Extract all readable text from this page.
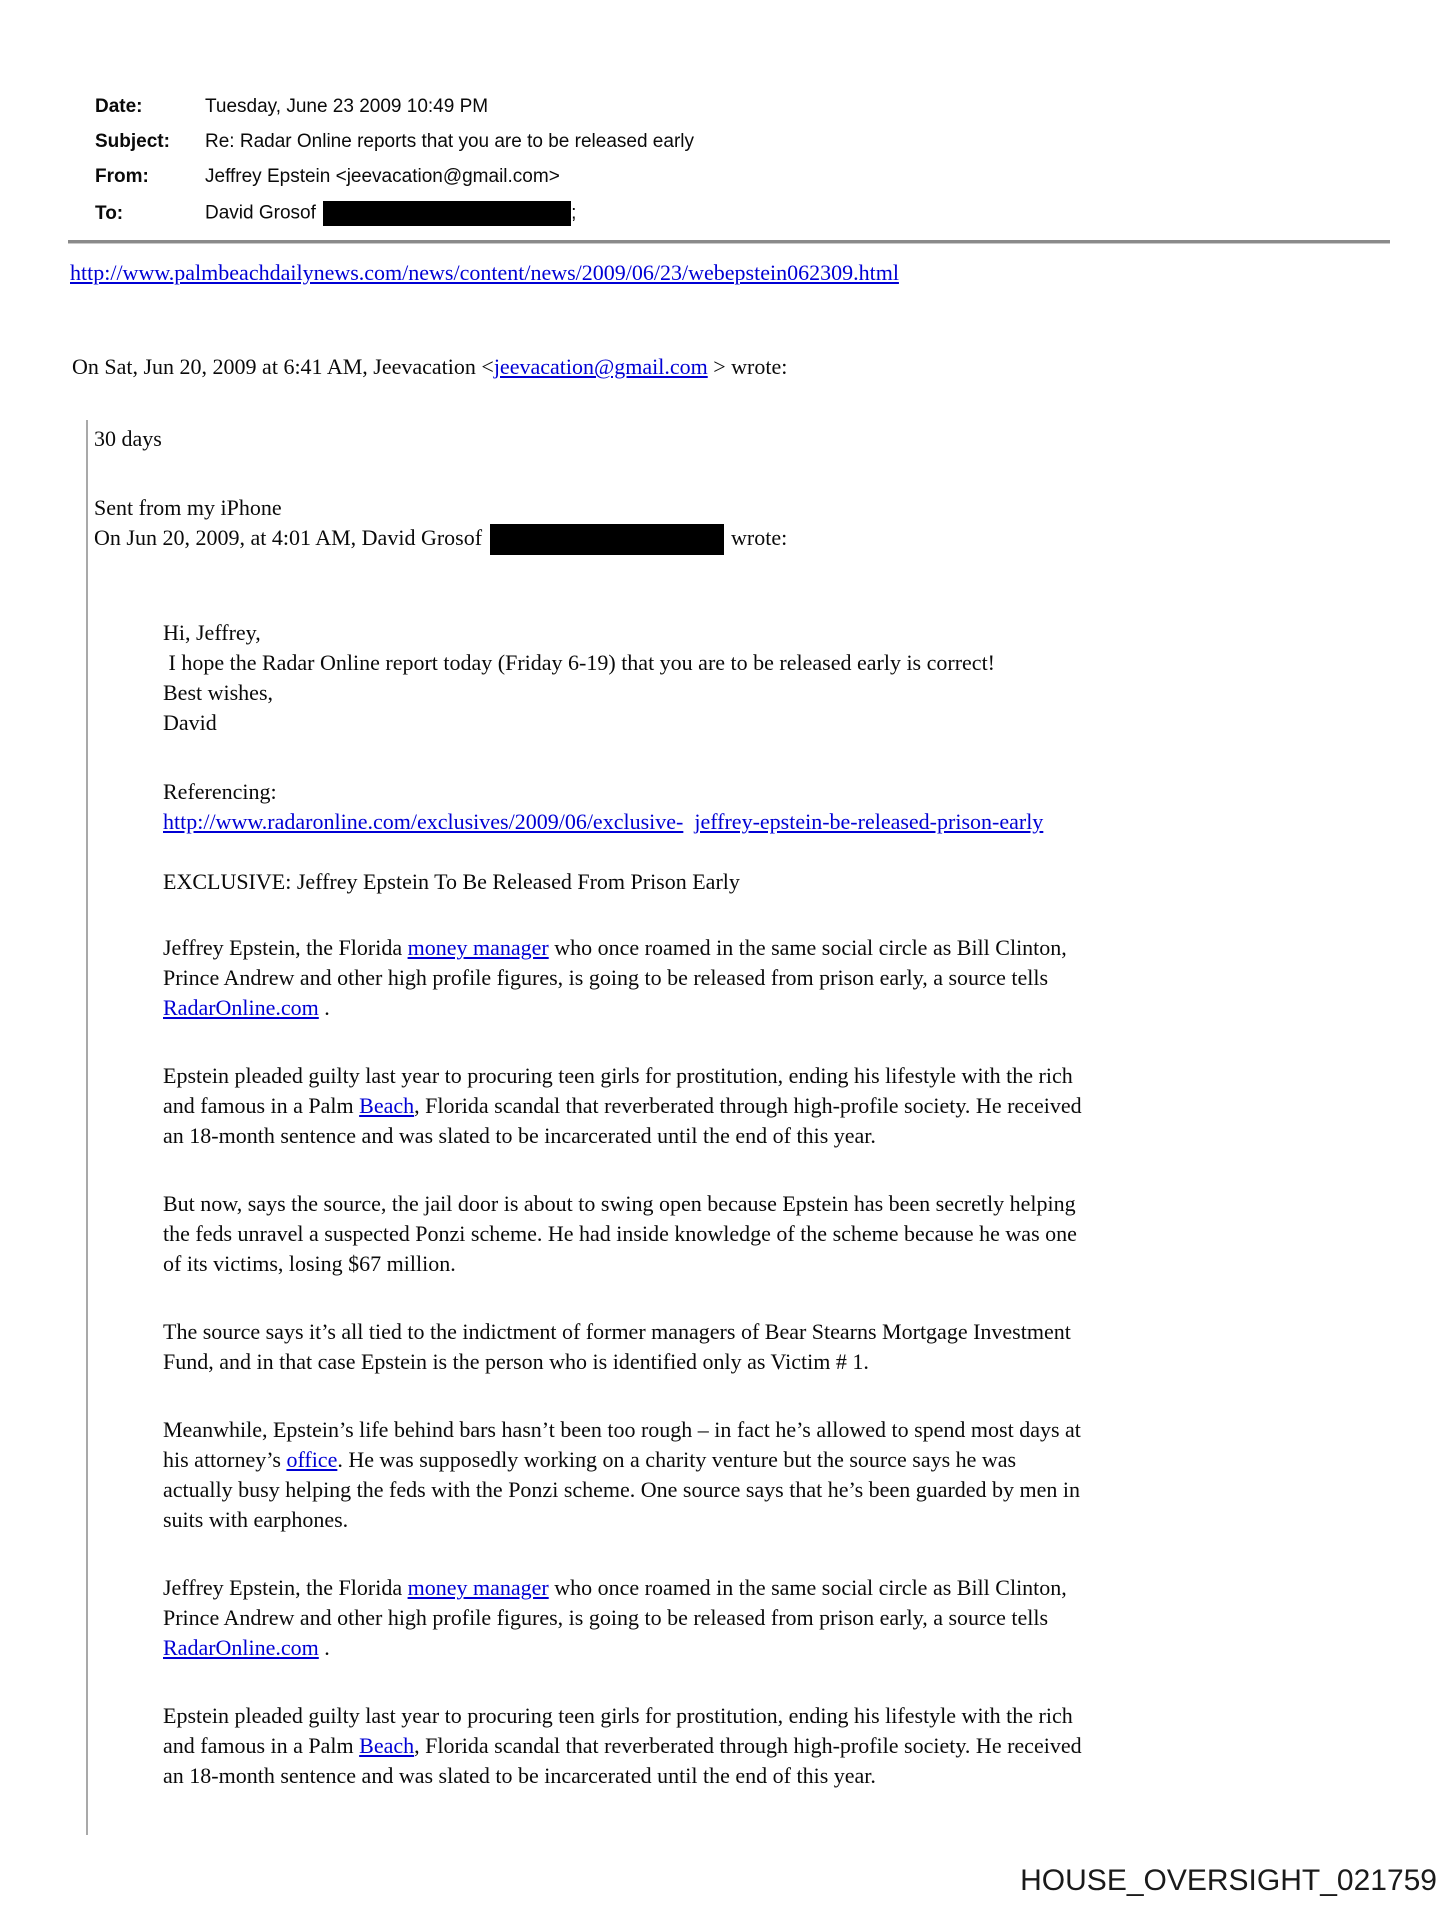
Date:	Tuesday, June 23 2009 10:49 PM
Subject:	Re: Radar Online reports that you are to be released early
From:	Jeffrey Epstein <jeevacation@gmail.com>
To:	David Grosof	;
http://www.palmbeachdailynews.com/news/content/news/2009/06/23/webepstein062309.html
On Sat, Jun 20, 2009 at 6:41 AM, Jeevacation <jeevacation@gmail.com > wrote:
30 days
Sent from my iPhone
On Jun 20, 2009, at 4:01 AM, David Grosof	wrote:
Hi, Jeffrey,
I hope the Radar Online report today (Friday 6-19) that you are to be released early is correct!
Best wishes,
David
Referencing:
http://www.radaronline.com/exclusives/2009/06/exclusive- jeffrey-epstein-be-released-prison-early
EXCLUSIVE: Jeffrey Epstein To Be Released From Prison Early
Jeffrey Epstein, the Florida money manager who once roamed in the same social circle as Bill Clinton,
Prince Andrew and other high profile figures, is going to be released from prison early, a source tells
RadarOnline.com .
Epstein pleaded guilty last year to procuring teen girls for prostitution, ending his lifestyle with the rich
and famous in a Palm Beach, Florida scandal that reverberated through high-profile society. He received
an 18-month sentence and was slated to be incarcerated until the end of this year.
But now, says the source, the jail door is about to swing open because Epstein has been secretly helping
the feds unravel a suspected Ponzi scheme. He had inside knowledge of the scheme because he was one
of its victims, losing $67 million.
The source says it’s all tied to the indictment of former managers of Bear Stearns Mortgage Investment
Fund, and in that case Epstein is the person who is identified only as Victim # 1.
Meanwhile, Epstein’s life behind bars hasn’t been too rough – in fact he’s allowed to spend most days at
his attorney’s office. He was supposedly working on a charity venture but the source says he was
actually busy helping the feds with the Ponzi scheme. One source says that he’s been guarded by men in
suits with earphones.
Jeffrey Epstein, the Florida money manager who once roamed in the same social circle as Bill Clinton,
Prince Andrew and other high profile figures, is going to be released from prison early, a source tells
RadarOnline.com .
Epstein pleaded guilty last year to procuring teen girls for prostitution, ending his lifestyle with the rich
and famous in a Palm Beach, Florida scandal that reverberated through high-profile society. He received
an 18-month sentence and was slated to be incarcerated until the end of this year.
HOUSE_OVERSIGHT_021759
